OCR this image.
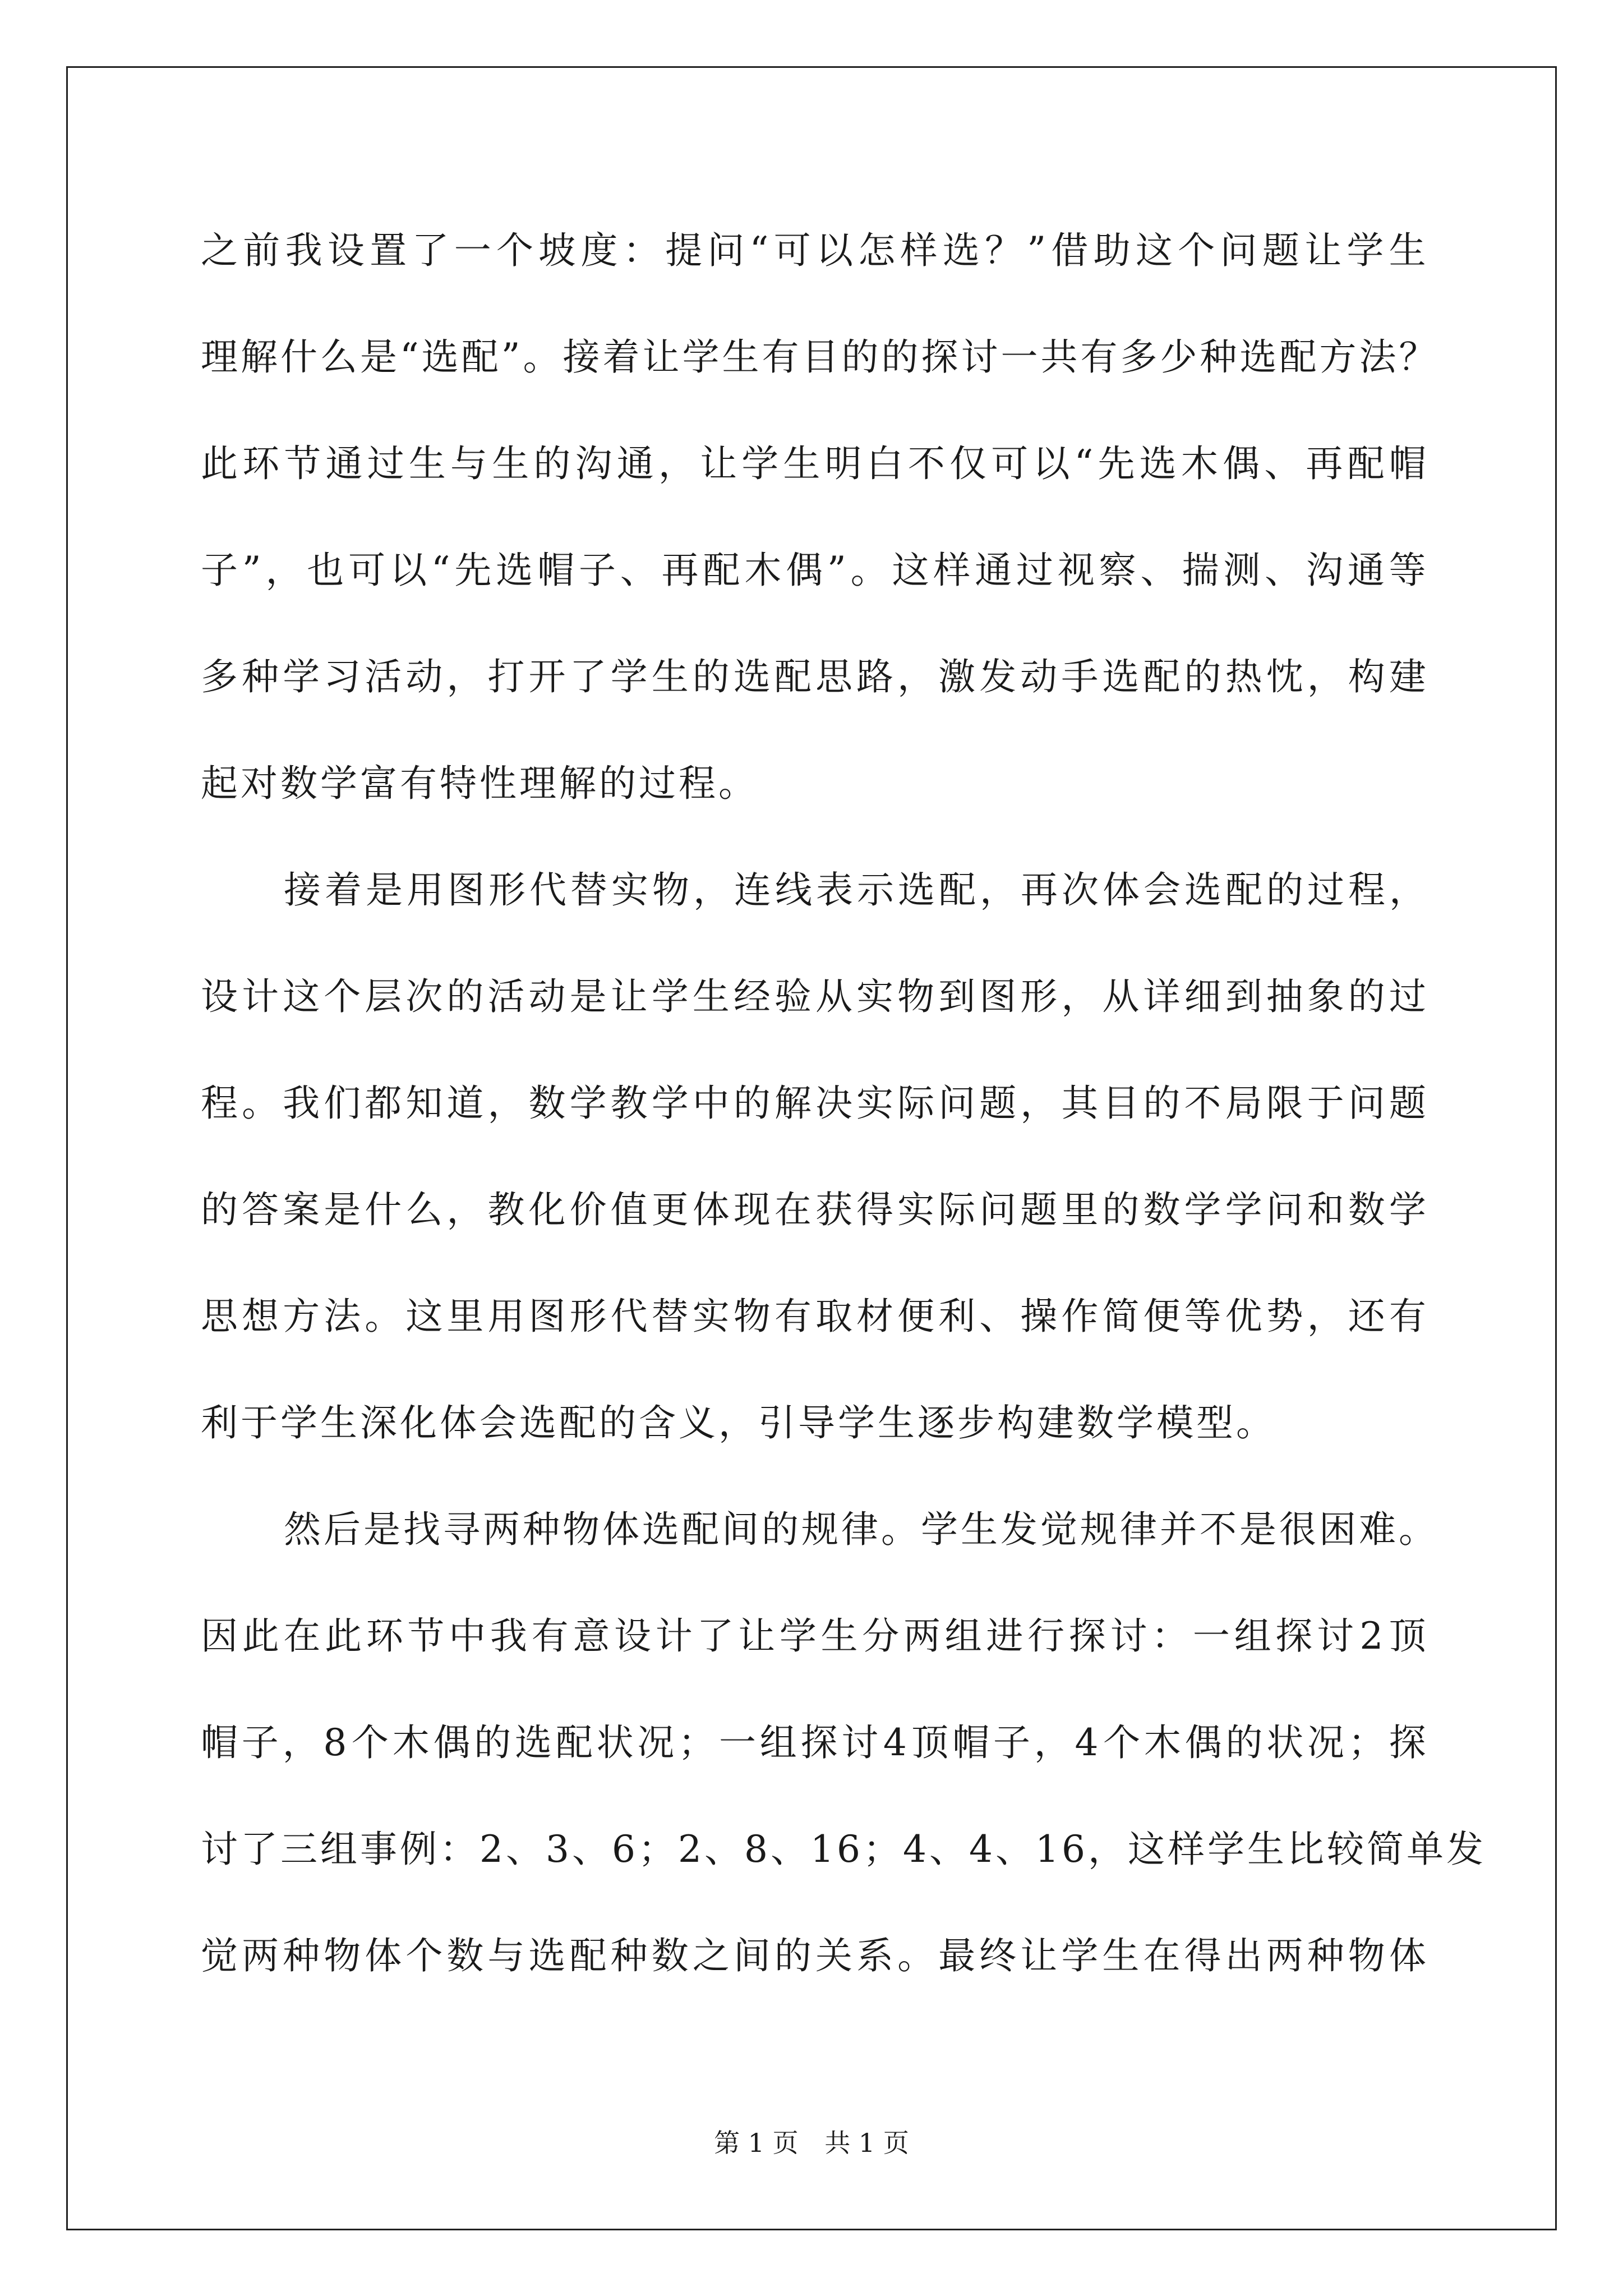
之 前 我 设 置 了 一 个 坡 度 ： 提 问 “ 可 以 怎 样 选 ？ ” 借 助 这 个 问 题 让 学 生
理 解 什 么 是 “ 选 配 ” 。 接 着 让 学 生 有 目 的 的 探 讨 一 共 有 多 少 种 选 配 方 法 ？
此 环 节 通 过 生 与 生 的 沟 通 ， 让 学 生 明 白 不 仅 可 以 “ 先 选 木 偶 、 再 配 帽
子 ” ， 也 可 以 “ 先 选 帽 子 、 再 配 木 偶 ” 。 这 样 通 过 视 察 、 揣 测 、 沟 通 等
多 种 学 习 活 动 ， 打 开 了 学 生 的 选 配 思 路 ， 激 发 动 手 选 配 的 热 忱 ， 构 建
起对数学富有特性理解的过程。
接 着 是 用 图 形 代 替 实 物 ， 连 线 表 示 选 配 ， 再 次 体 会 选 配 的 过 程 ，
设 计 这 个 层 次 的 活 动 是 让 学 生 经 验 从 实 物 到 图 形 ， 从 详 细 到 抽 象 的 过
程 。 我 们 都 知 道 ， 数 学 教 学 中 的 解 决 实 际 问 题 ， 其 目 的 不 局 限 于 问 题
的 答 案 是 什 么 ， 教 化 价 值 更 体 现 在 获 得 实 际 问 题 里 的 数 学 学 问 和 数 学
思 想 方 法 。 这 里 用 图 形 代 替 实 物 有 取 材 便 利 、 操 作 简 便 等 优 势 ， 还 有
利于学生深化体会选配的含义，引导学生逐步构建数学模型。
然 后 是 找 寻 两 种 物 体 选 配 间 的 规 律 。 学 生 发 觉 规 律 并 不 是 很 困 难 。
因 此 在 此 环 节 中 我 有 意 设 计 了 让 学 生 分 两 组 进 行 探 讨 ： 一 组 探 讨 2 顶
帽 子 ， 8 个 木 偶 的 选 配 状 况 ； 一 组 探 讨 4 顶 帽 子 ， 4 个 木 偶 的 状 况 ； 探
讨 了 三 组 事 例 ： 2 、 3 、 6 ； 2 、 8 、 1 6 ； 4 、 4 、 1 6 ， 这 样 学 生 比 较 简 单 发
觉 两 种 物 体 个 数 与 选 配 种 数 之 间 的 关 系 。 最 终 让 学 生 在 得 出 两 种 物 体
第 1 页 共 1 页
